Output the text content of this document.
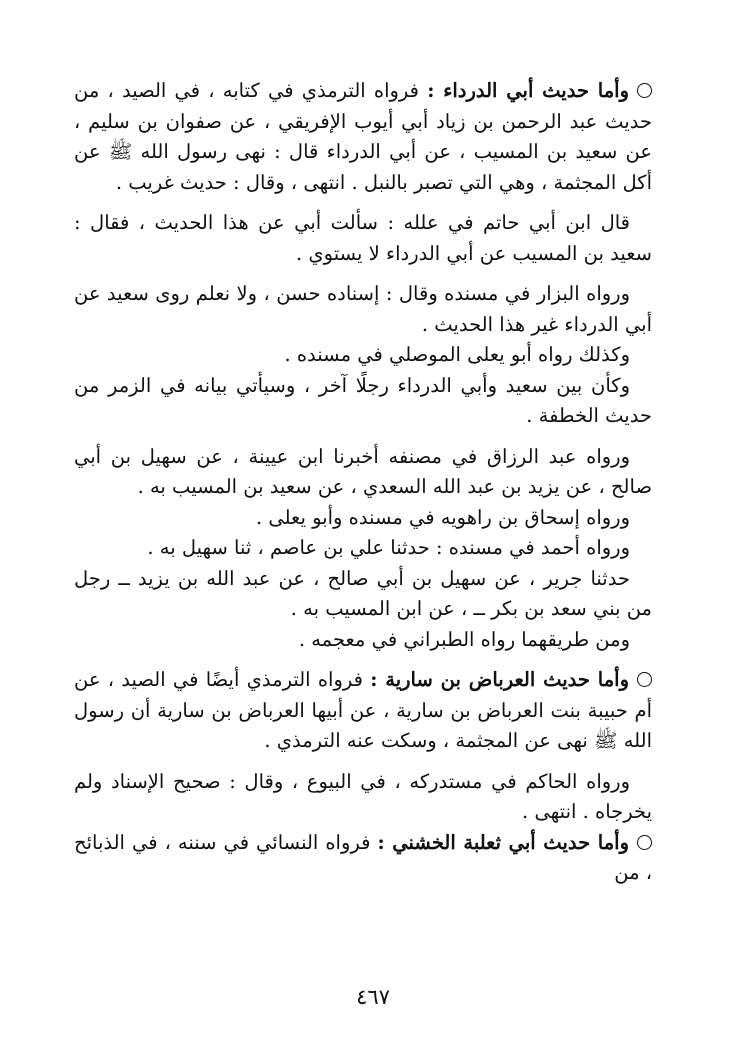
وأما حديث أبي الدرداء : فرواه الترمذي في كتابه ، في الصيد ، من حديث عبد الرحمن بن زياد أبي أيوب الإفريقي ، عن صفوان بن سليم ، عن سعيد بن المسيب ، عن أبي الدرداء قال : نهى رسول الله ﷺ عن أكل المجثمة ، وهي التي تصبر بالنبل . انتهى ، وقال : حديث غريب .

قال ابن أبي حاتم في علله : سألت أبي عن هذا الحديث ، فقال : سعيد بن المسيب عن أبي الدرداء لا يستوي .

ورواه البزار في مسنده وقال : إسناده حسن ، ولا نعلم روى سعيد عن أبي الدرداء غير هذا الحديث .

وكذلك رواه أبو يعلى الموصلي في مسنده .

وكأن بين سعيد وأبي الدرداء رجلًا آخر ، وسيأتي بيانه في الزمر من حديث الخطفة .

ورواه عبد الرزاق في مصنفه أخبرنا ابن عيينة ، عن سهيل بن أبي صالح ، عن يزيد بن عبد الله السعدي ، عن سعيد بن المسيب به .

ورواه إسحاق بن راهويه في مسنده وأبو يعلى .

ورواه أحمد في مسنده : حدثنا علي بن عاصم ، ثنا سهيل به .

حدثنا جرير ، عن سهيل بن أبي صالح ، عن عبد الله بن يزيد ــ رجل من بني سعد بن بكر ــ ، عن ابن المسيب به .

ومن طريقهما رواه الطبراني في معجمه .

وأما حديث العرباض بن سارية : فرواه الترمذي أيضًا في الصيد ، عن أم حبيبة بنت العرباض بن سارية ، عن أبيها العرباض بن سارية أن رسول الله ﷺ نهى عن المجثمة ، وسكت عنه الترمذي .

ورواه الحاكم في مستدركه ، في البيوع ، وقال : صحيح الإسناد ولم يخرجاه . انتهى .

وأما حديث أبي ثعلبة الخشني : فرواه النسائي في سننه ، في الذبائح ، من

٤٦٧
